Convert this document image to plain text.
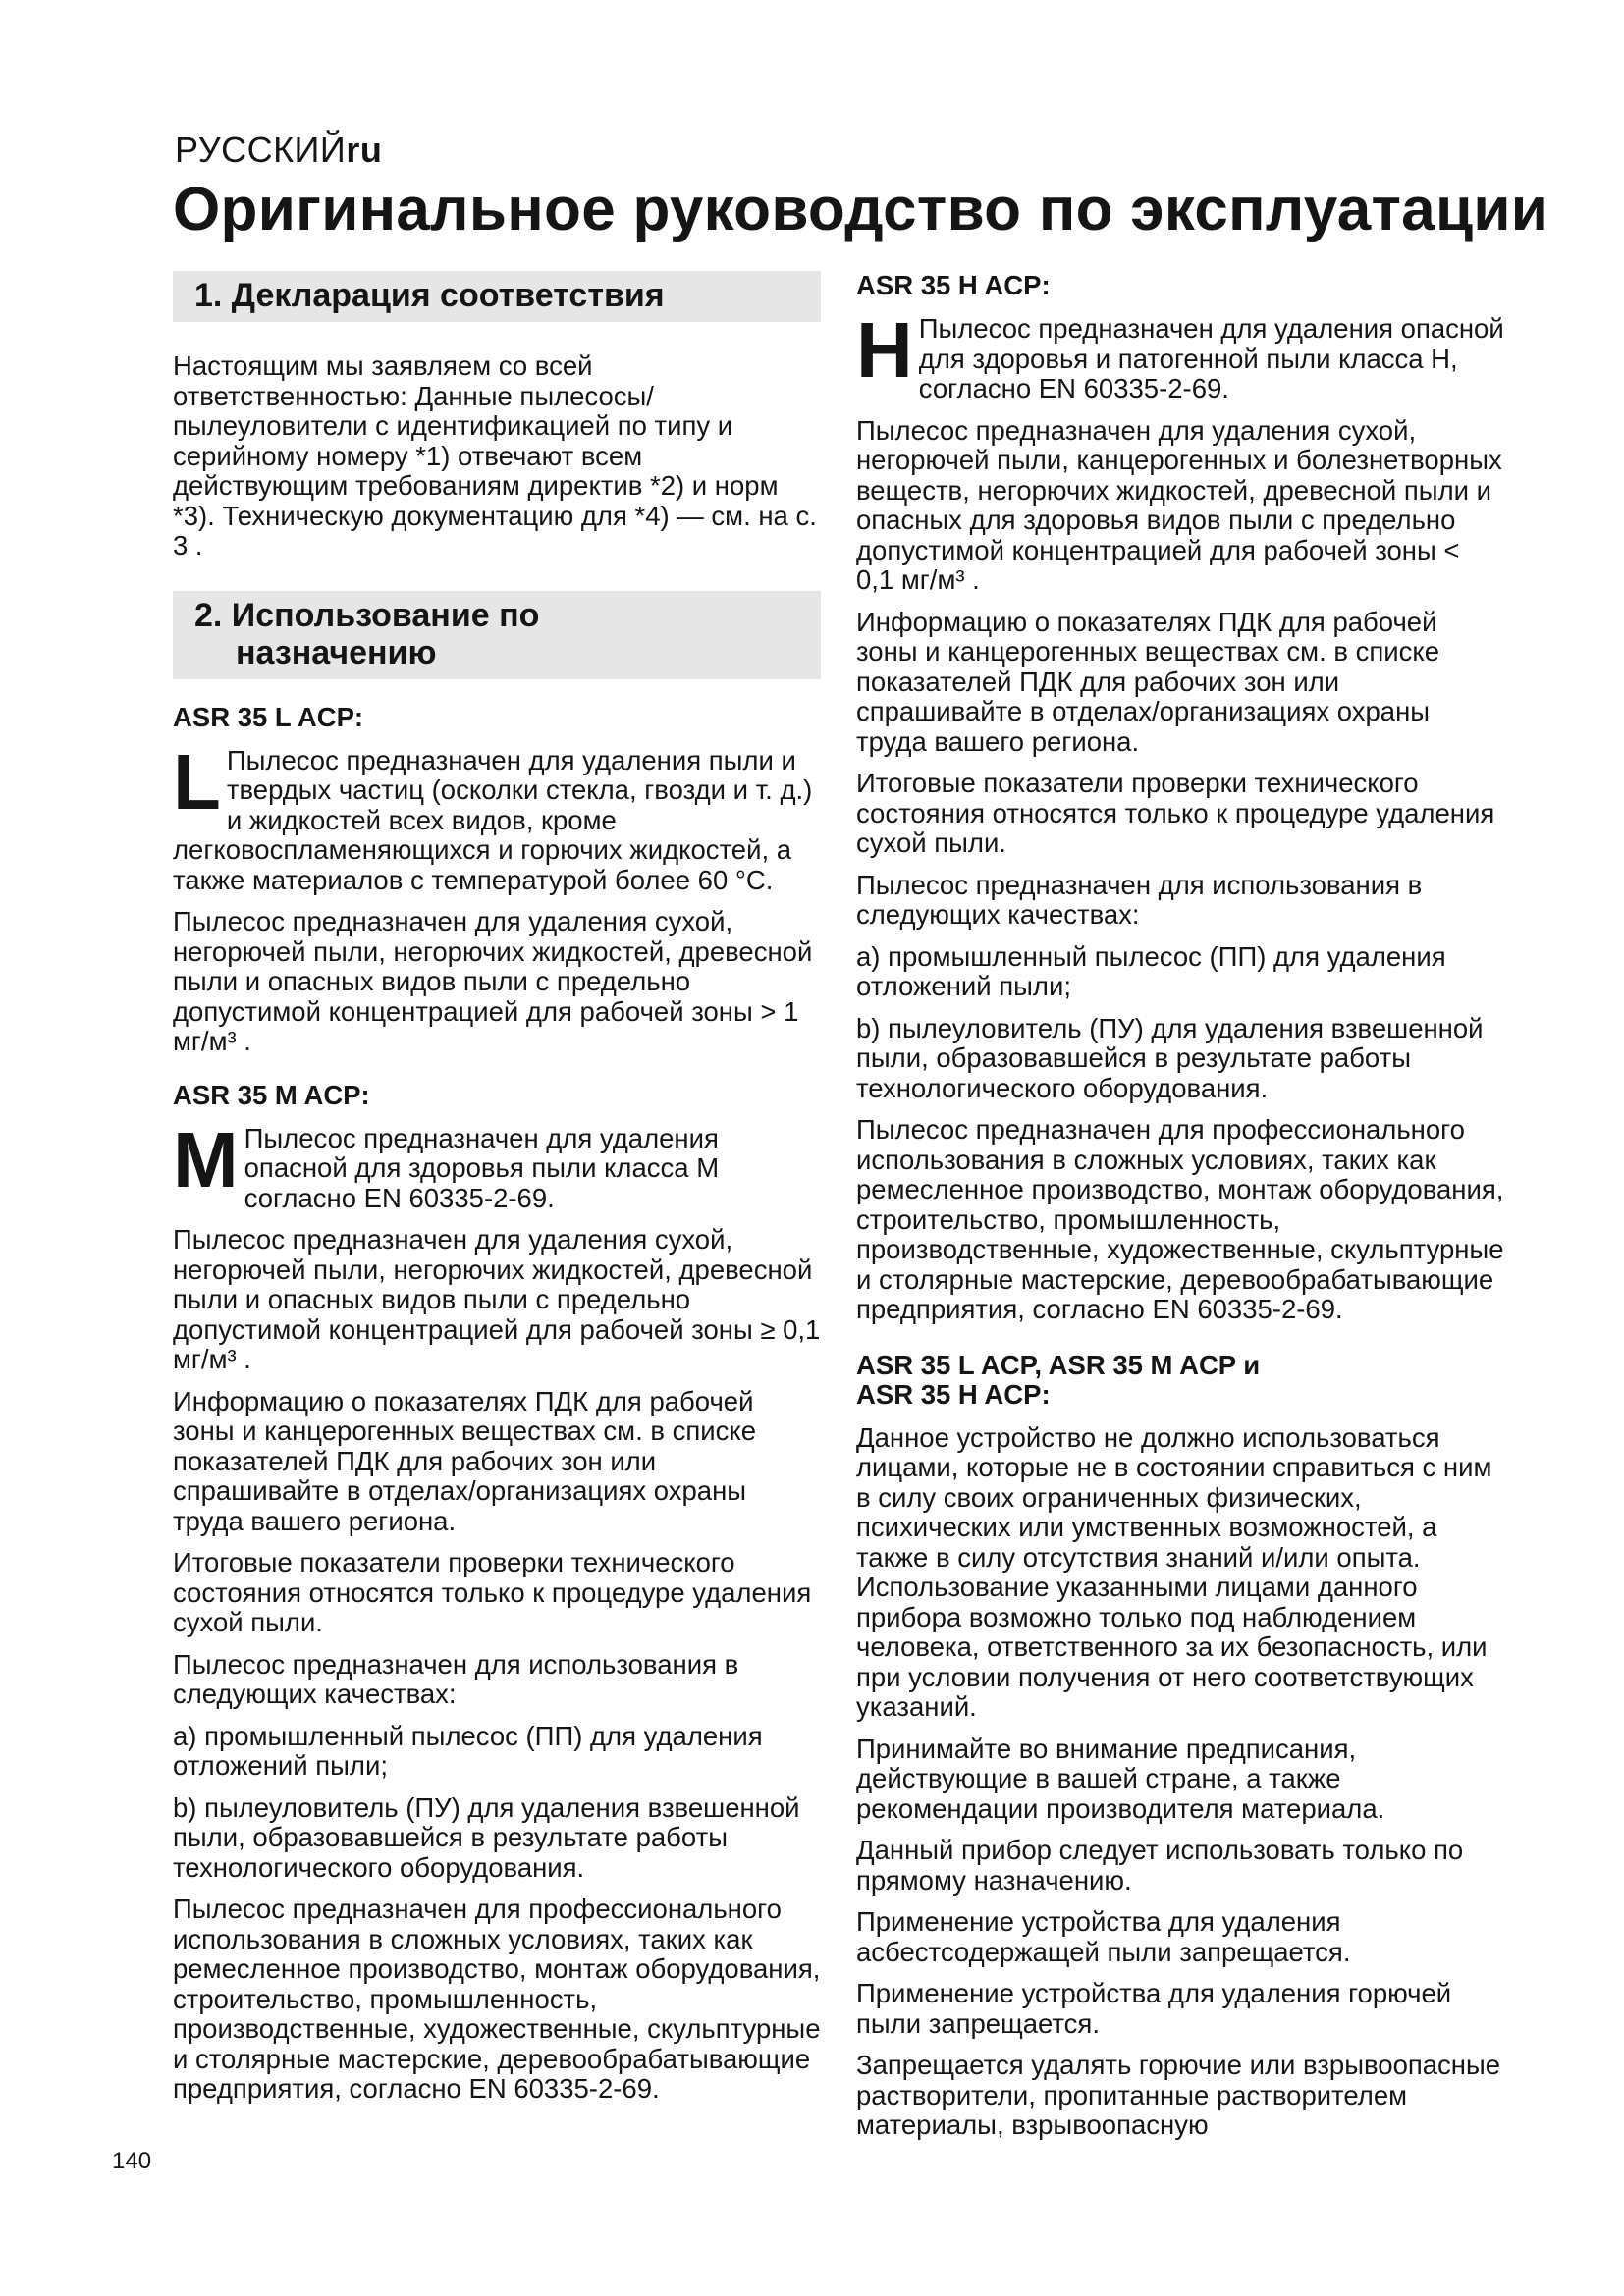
РУССКИЙru
Оригинальное руководство по эксплуатации
1. Декларация соответствия

Настоящим мы заявляем со всей ответственностью: Данные пылесосы/ пылеуловители с идентификацией по типу и серийному номеру *1) отвечают всем действующим требованиям директив *2) и норм *3). Техническую документацию для *4) — см. на с. 3 .

2. Использование по
назначению
ASR 35 L ACP:
L Пылесос предназначен для удаления пыли и твердых частиц (осколки стекла, гвозди и т. д.) и жидкостей всех видов, кроме легковоспламеняющихся и горючих жидкостей, а также материалов с температурой более 60 °C.

Пылесос предназначен для удаления сухой, негорючей пыли, негорючих жидкостей, древесной пыли и опасных видов пыли с предельно допустимой концентрацией для рабочей зоны > 1 мг/м³ .

ASR 35 M ACP:
M Пылесос предназначен для удаления опасной для здоровья пыли класса M согласно EN 60335-2-69.

Пылесос предназначен для удаления сухой, негорючей пыли, негорючих жидкостей, древесной пыли и опасных видов пыли с предельно допустимой концентрацией для рабочей зоны ≥ 0,1 мг/м³ .

Информацию о показателях ПДК для рабочей зоны и канцерогенных веществах см. в списке показателей ПДК для рабочих зон или спрашивайте в отделах/организациях охраны труда вашего региона.

Итоговые показатели проверки технического состояния относятся только к процедуре удаления сухой пыли.

Пылесос предназначен для использования в следующих качествах:

a) промышленный пылесос (ПП) для удаления отложений пыли;

b) пылеуловитель (ПУ) для удаления взвешенной пыли, образовавшейся в результате работы технологического оборудования.

Пылесос предназначен для профессионального использования в сложных условиях, таких как ремесленное производство, монтаж оборудования, строительство, промышленность, производственные, художественные, скульптурные и столярные мастерские, деревообрабатывающие предприятия, согласно EN 60335-2-69.

ASR 35 H ACP:
H Пылесос предназначен для удаления опасной для здоровья и патогенной пыли класса H, согласно EN 60335-2-69.

Пылесос предназначен для удаления сухой, негорючей пыли, канцерогенных и болезнетворных веществ, негорючих жидкостей, древесной пыли и опасных для здоровья видов пыли с предельно допустимой концентрацией для рабочей зоны < 0,1 мг/м³ .

Информацию о показателях ПДК для рабочей зоны и канцерогенных веществах см. в списке показателей ПДК для рабочих зон или спрашивайте в отделах/организациях охраны труда вашего региона.

Итоговые показатели проверки технического состояния относятся только к процедуре удаления сухой пыли.

Пылесос предназначен для использования в следующих качествах:

a) промышленный пылесос (ПП) для удаления отложений пыли;

b) пылеуловитель (ПУ) для удаления взвешенной пыли, образовавшейся в результате работы технологического оборудования.

Пылесос предназначен для профессионального использования в сложных условиях, таких как ремесленное производство, монтаж оборудования, строительство, промышленность, производственные, художественные, скульптурные и столярные мастерские, деревообрабатывающие предприятия, согласно EN 60335-2-69.

ASR 35 L ACP, ASR 35 M ACP и
ASR 35 H ACP:

Данное устройство не должно использоваться лицами, которые не в состоянии справиться с ним в силу своих ограниченных физических, психических или умственных возможностей, а также в силу отсутствия знаний и/или опыта. Использование указанными лицами данного прибора возможно только под наблюдением человека, ответственного за их безопасность, или при условии получения от него соответствующих указаний.

Принимайте во внимание предписания, действующие в вашей стране, а также рекомендации производителя материала.

Данный прибор следует использовать только по прямому назначению.

Применение устройства для удаления асбестсодержащей пыли запрещается.

Применение устройства для удаления горючей пыли запрещается.

Запрещается удалять горючие или взрывоопасные растворители, пропитанные растворителем материалы, взрывоопасную

140
